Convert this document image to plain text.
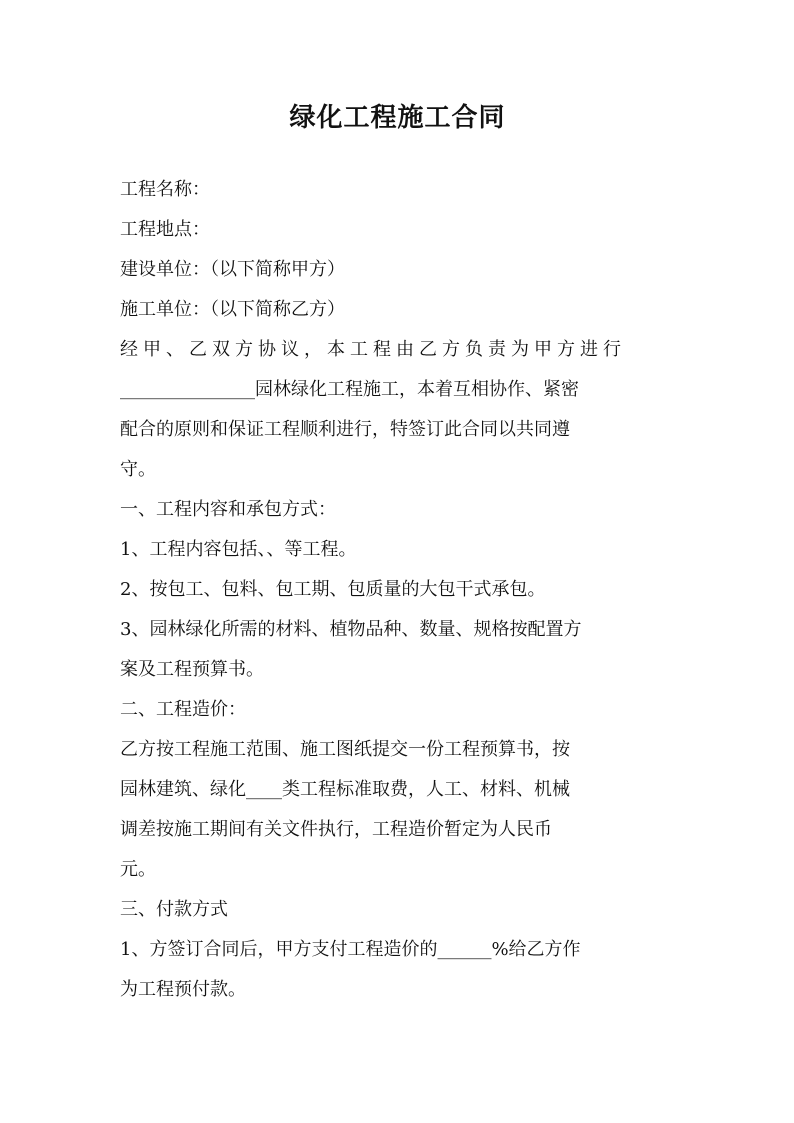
绿化工程施工合同

工程名称：

工程地点：

建设单位：（以下简称甲方）

施工单位：（以下简称乙方）

经甲、乙双方协议，本工程由乙方负责为甲方进行

_______________园林绿化工程施工，本着互相协作、紧密

配合的原则和保证工程顺利进行，特签订此合同以共同遵

守。

一、工程内容和承包方式：

1、工程内容包括、、等工程。

2、按包工、包料、包工期、包质量的大包干式承包。

3、园林绿化所需的材料、植物品种、数量、规格按配置方

案及工程预算书。

二、工程造价：

乙方按工程施工范围、施工图纸提交一份工程预算书，按

园林建筑、绿化____类工程标准取费，人工、材料、机械

调差按施工期间有关文件执行，工程造价暂定为人民币

元。

三、付款方式

1、方签订合同后，甲方支付工程造价的______%给乙方作

为工程预付款。
